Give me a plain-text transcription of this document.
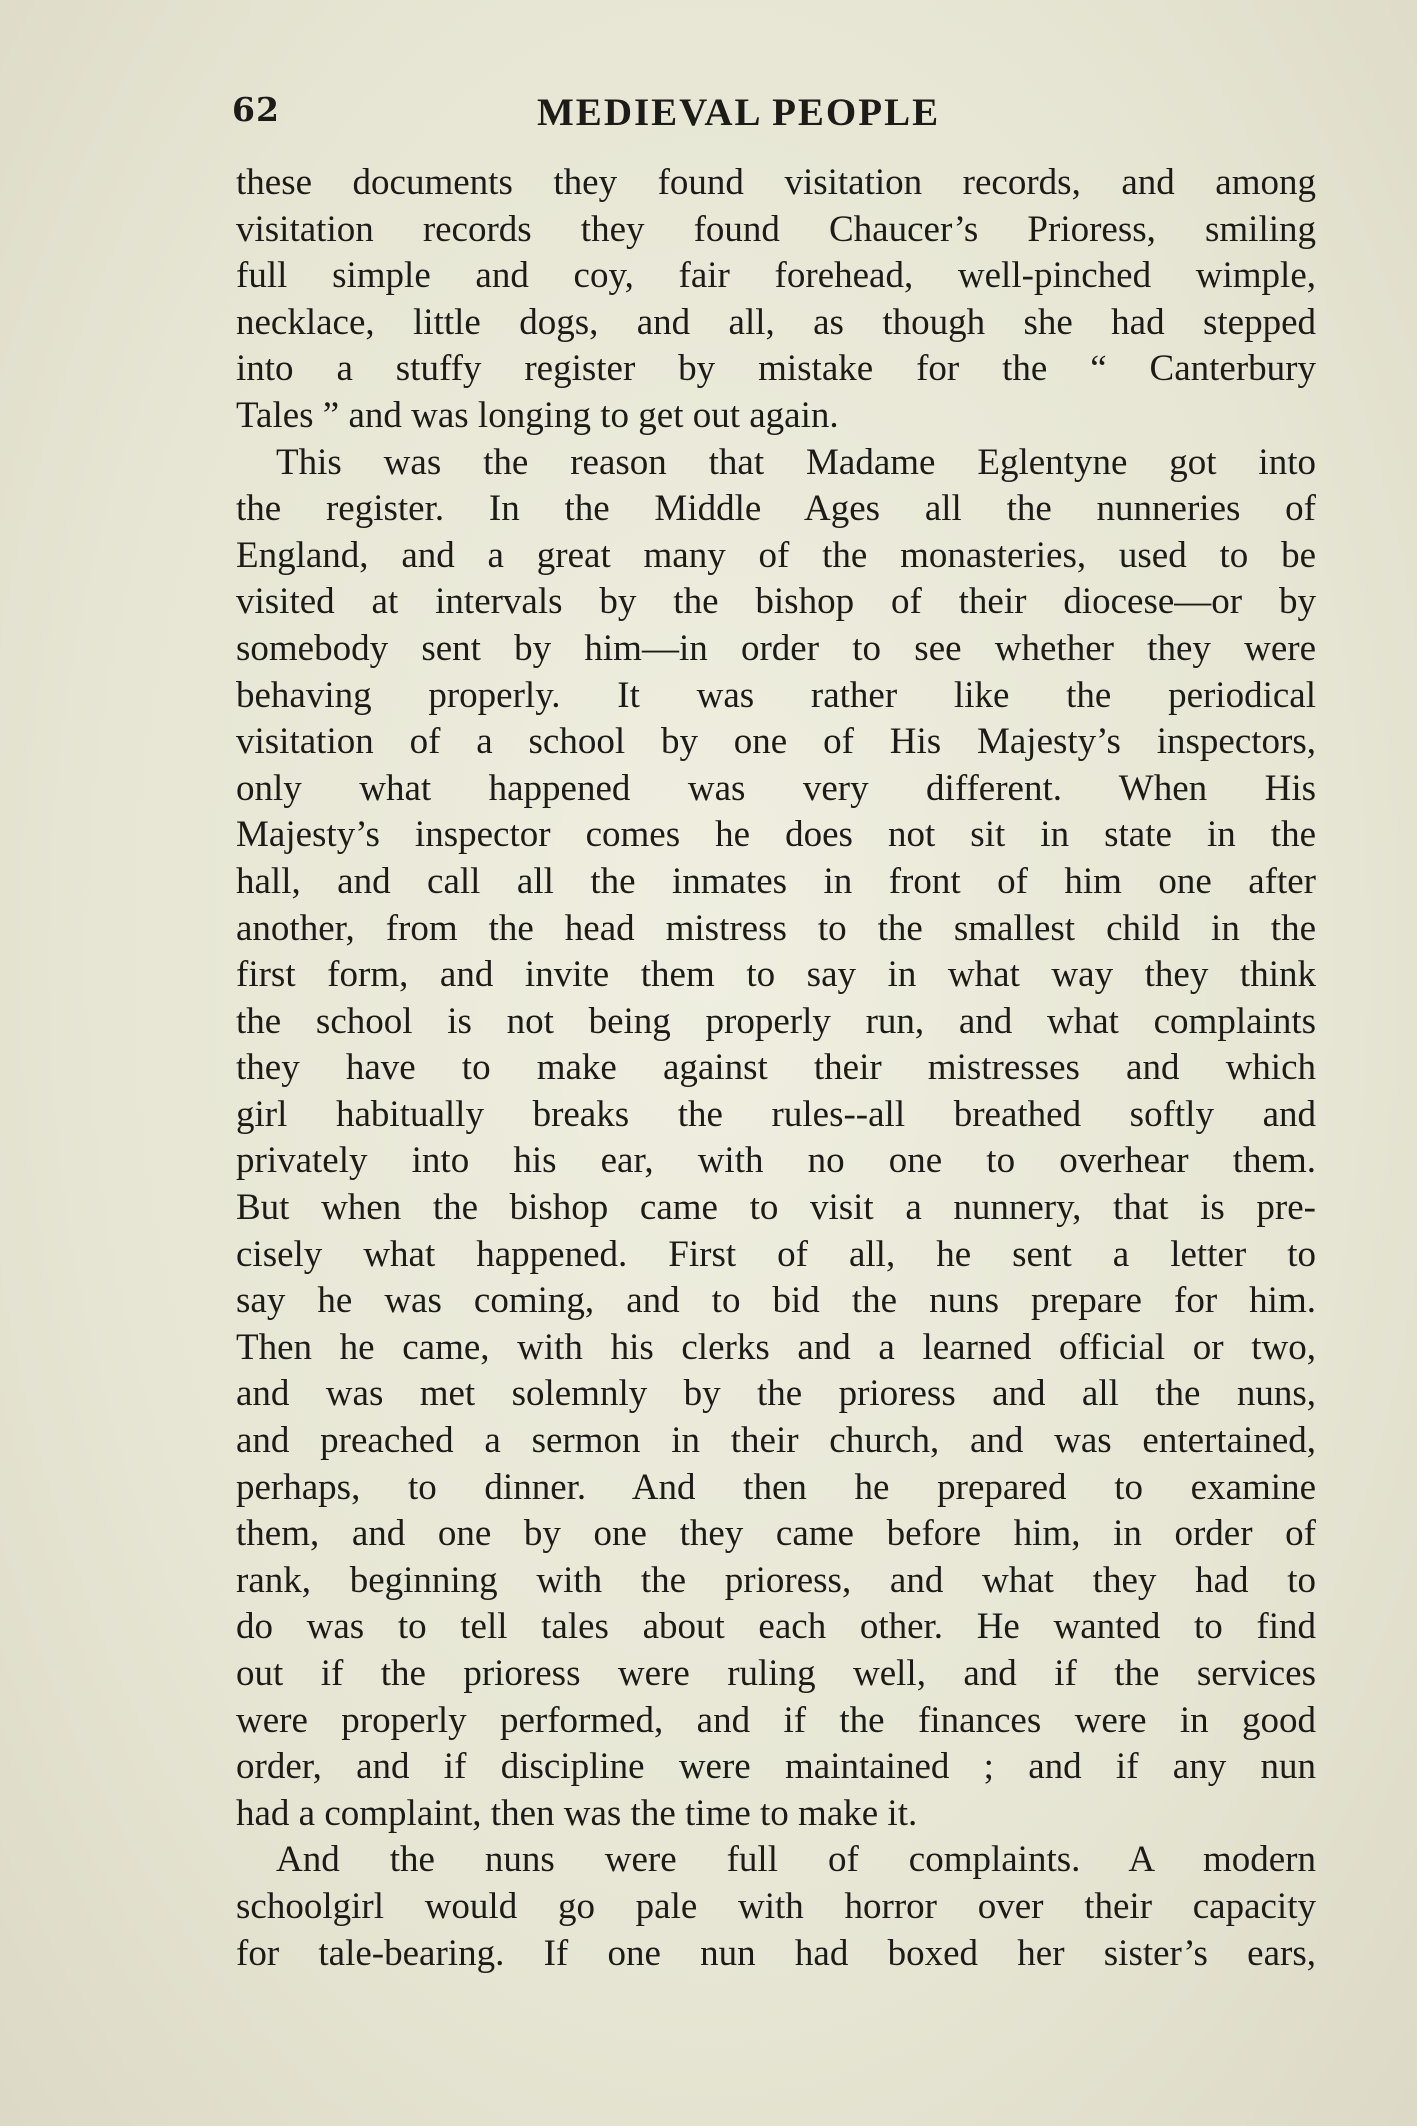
62	MEDIEVAL PEOPLE

these documents they found visitation records, and among
visitation records they found Chaucer’s Prioress, smiling
full simple and coy, fair forehead, well-pinched wimple,
necklace, little dogs, and all, as though she had stepped
into a stuffy register by mistake for the “ Canterbury
Tales ” and was longing to get out again.

This was the reason that Madame Eglentyne got into
the register. In the Middle Ages all the nunneries of
England, and a great many of the monasteries, used to be
visited at intervals by the bishop of their diocese—or by
somebody sent by him—in order to see whether they were
behaving properly. It was rather like the periodical
visitation of a school by one of His Majesty’s inspectors,
only what happened was very different. When His
Majesty’s inspector comes he does not sit in state in the
hall, and call all the inmates in front of him one after
another, from the head mistress to the smallest child in the
first form, and invite them to say in what way they think
the school is not being properly run, and what complaints
they have to make against their mistresses and which
girl habitually breaks the rules--all breathed softly and
privately into his ear, with no one to overhear them.
But when the bishop came to visit a nunnery, that is pre-
cisely what happened. First of all, he sent a letter to
say he was coming, and to bid the nuns prepare for him.
Then he came, with his clerks and a learned official or two,
and was met solemnly by the prioress and all the nuns,
and preached a sermon in their church, and was entertained,
perhaps, to dinner. And then he prepared to examine
them, and one by one they came before him, in order of
rank, beginning with the prioress, and what they had to
do was to tell tales about each other. He wanted to find
out if the prioress were ruling well, and if the services
were properly performed, and if the finances were in good
order, and if discipline were maintained ; and if any nun
had a complaint, then was the time to make it.

And the nuns were full of complaints. A modern
schoolgirl would go pale with horror over their capacity
for tale-bearing. If one nun had boxed her sister’s ears,
